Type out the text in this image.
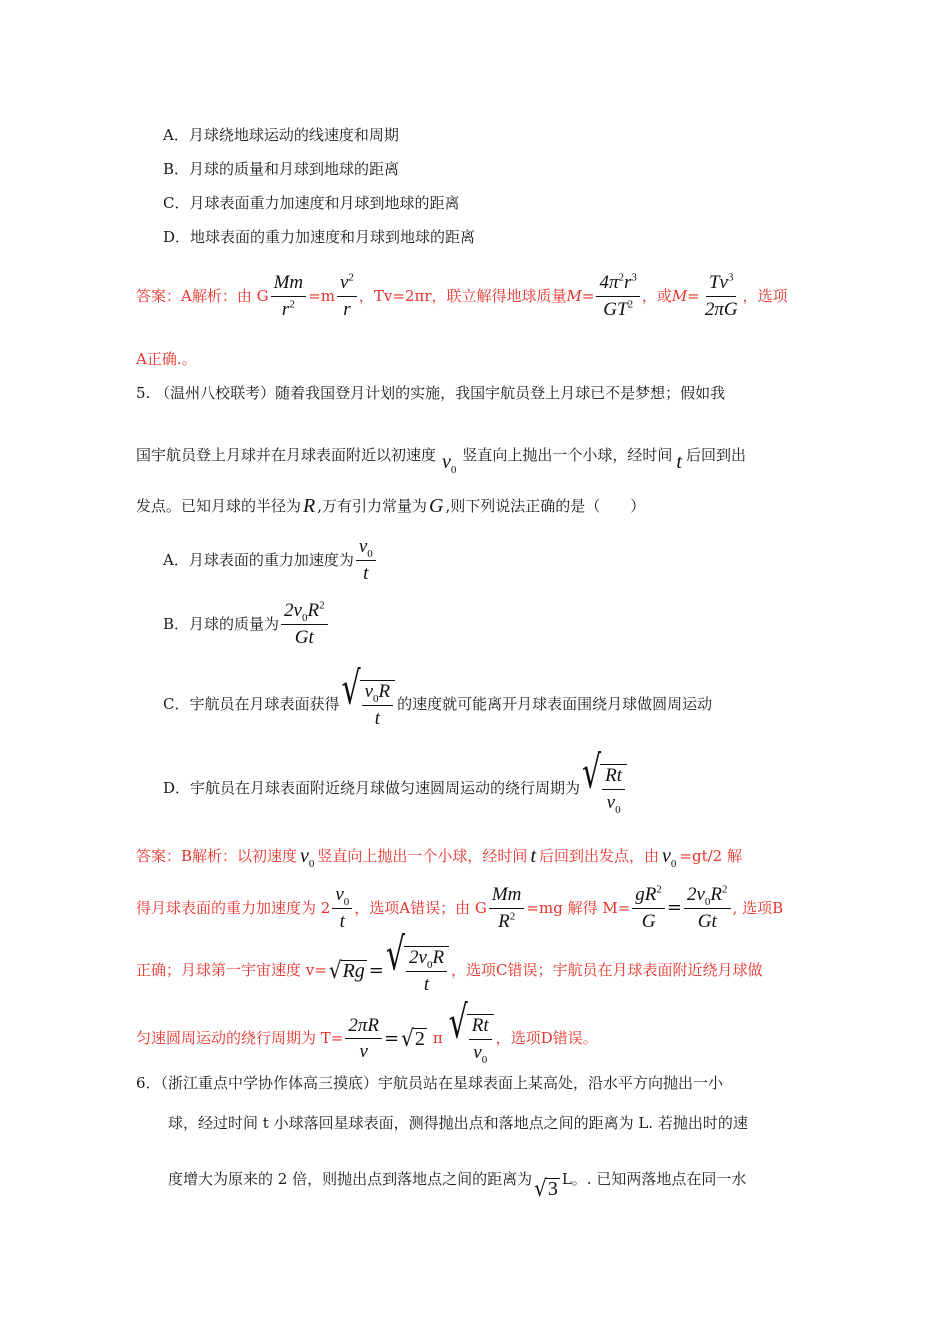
A．月球绕地球运动的线速度和周期
B．月球的质量和月球到地球的距离
C．月球表面重力加速度和月球到地球的距离
D．地球表面的重力加速度和月球到地球的距离
答案：A解析：由 G $\frac{Mm}{r^2} =m \frac{v^2}{r}$ ，Tv=2πr，联立解得地球质量 $M= \frac{4\pi^2r^3}{GT^2}$ ，或 $M= \frac{Tv^3}{2\pi G}$ ，选项
A正确.。
5. （温州八校联考）随着我国登月计划的实施，我国宇航员登上月球已不是梦想；假如我
国宇航员登上月球并在月球表面附近以初速度 $v_0$
竖直向上抛出一个小球，经时间 t 后回到出
发点。已知月球的半径为 R ,万有引力常量为 G ,则下列说法正确的是（　　）
A．月球表面的重力加速度为 $\frac{v_0}{t}$
B．月球的质量为 $\frac{2v_0R^2}{Gt}$
C．宇航员在月球表面获得 √ $\frac{v_0R}{t}$ 的速度就可能离开月球表面围绕月球做圆周运动
D．宇航员在月球表面附近绕月球做匀速圆周运动的绕行周期为 √ $\frac{Rt}{v_0}$
答案：B解析：以初速度 $v_0$ 竖直向上抛出一个小球，经时间 t 后回到出发点，由 $v_0 =gt/2$ 解
得月球表面的重力加速度为 $2 \frac{v_0}{t}$ ，选项A错误；由 G $\frac{Mm}{R^2} =mg$ 解得 $M= \frac{gR^2}{G} = \frac{2v_0R^2}{Gt}$ , 选项B
正确；月球第一宇宙速度 v= √ Rg = √ $\frac{2v_0R}{t}$ ，选项C错误；宇航员在月球表面附近绕月球做
匀速圆周运动的绕行周期为 $T= \frac{2\pi R}{v}$ = √ 2 π √ $\frac{Rt}{v_0}$ ，选项D错误。
6．（浙江重点中学协作体高三摸底）宇航员站在星球表面上某高处，沿水平方向抛出一小
球，经过时间 t 小球落回星球表面，测得抛出点和落地点之间的距离为 L. 若抛出时的速
度增大为原来的 2 倍，则抛出点到落地点之间的距离为 √ 3 L。. 已知两落地点在同一水
